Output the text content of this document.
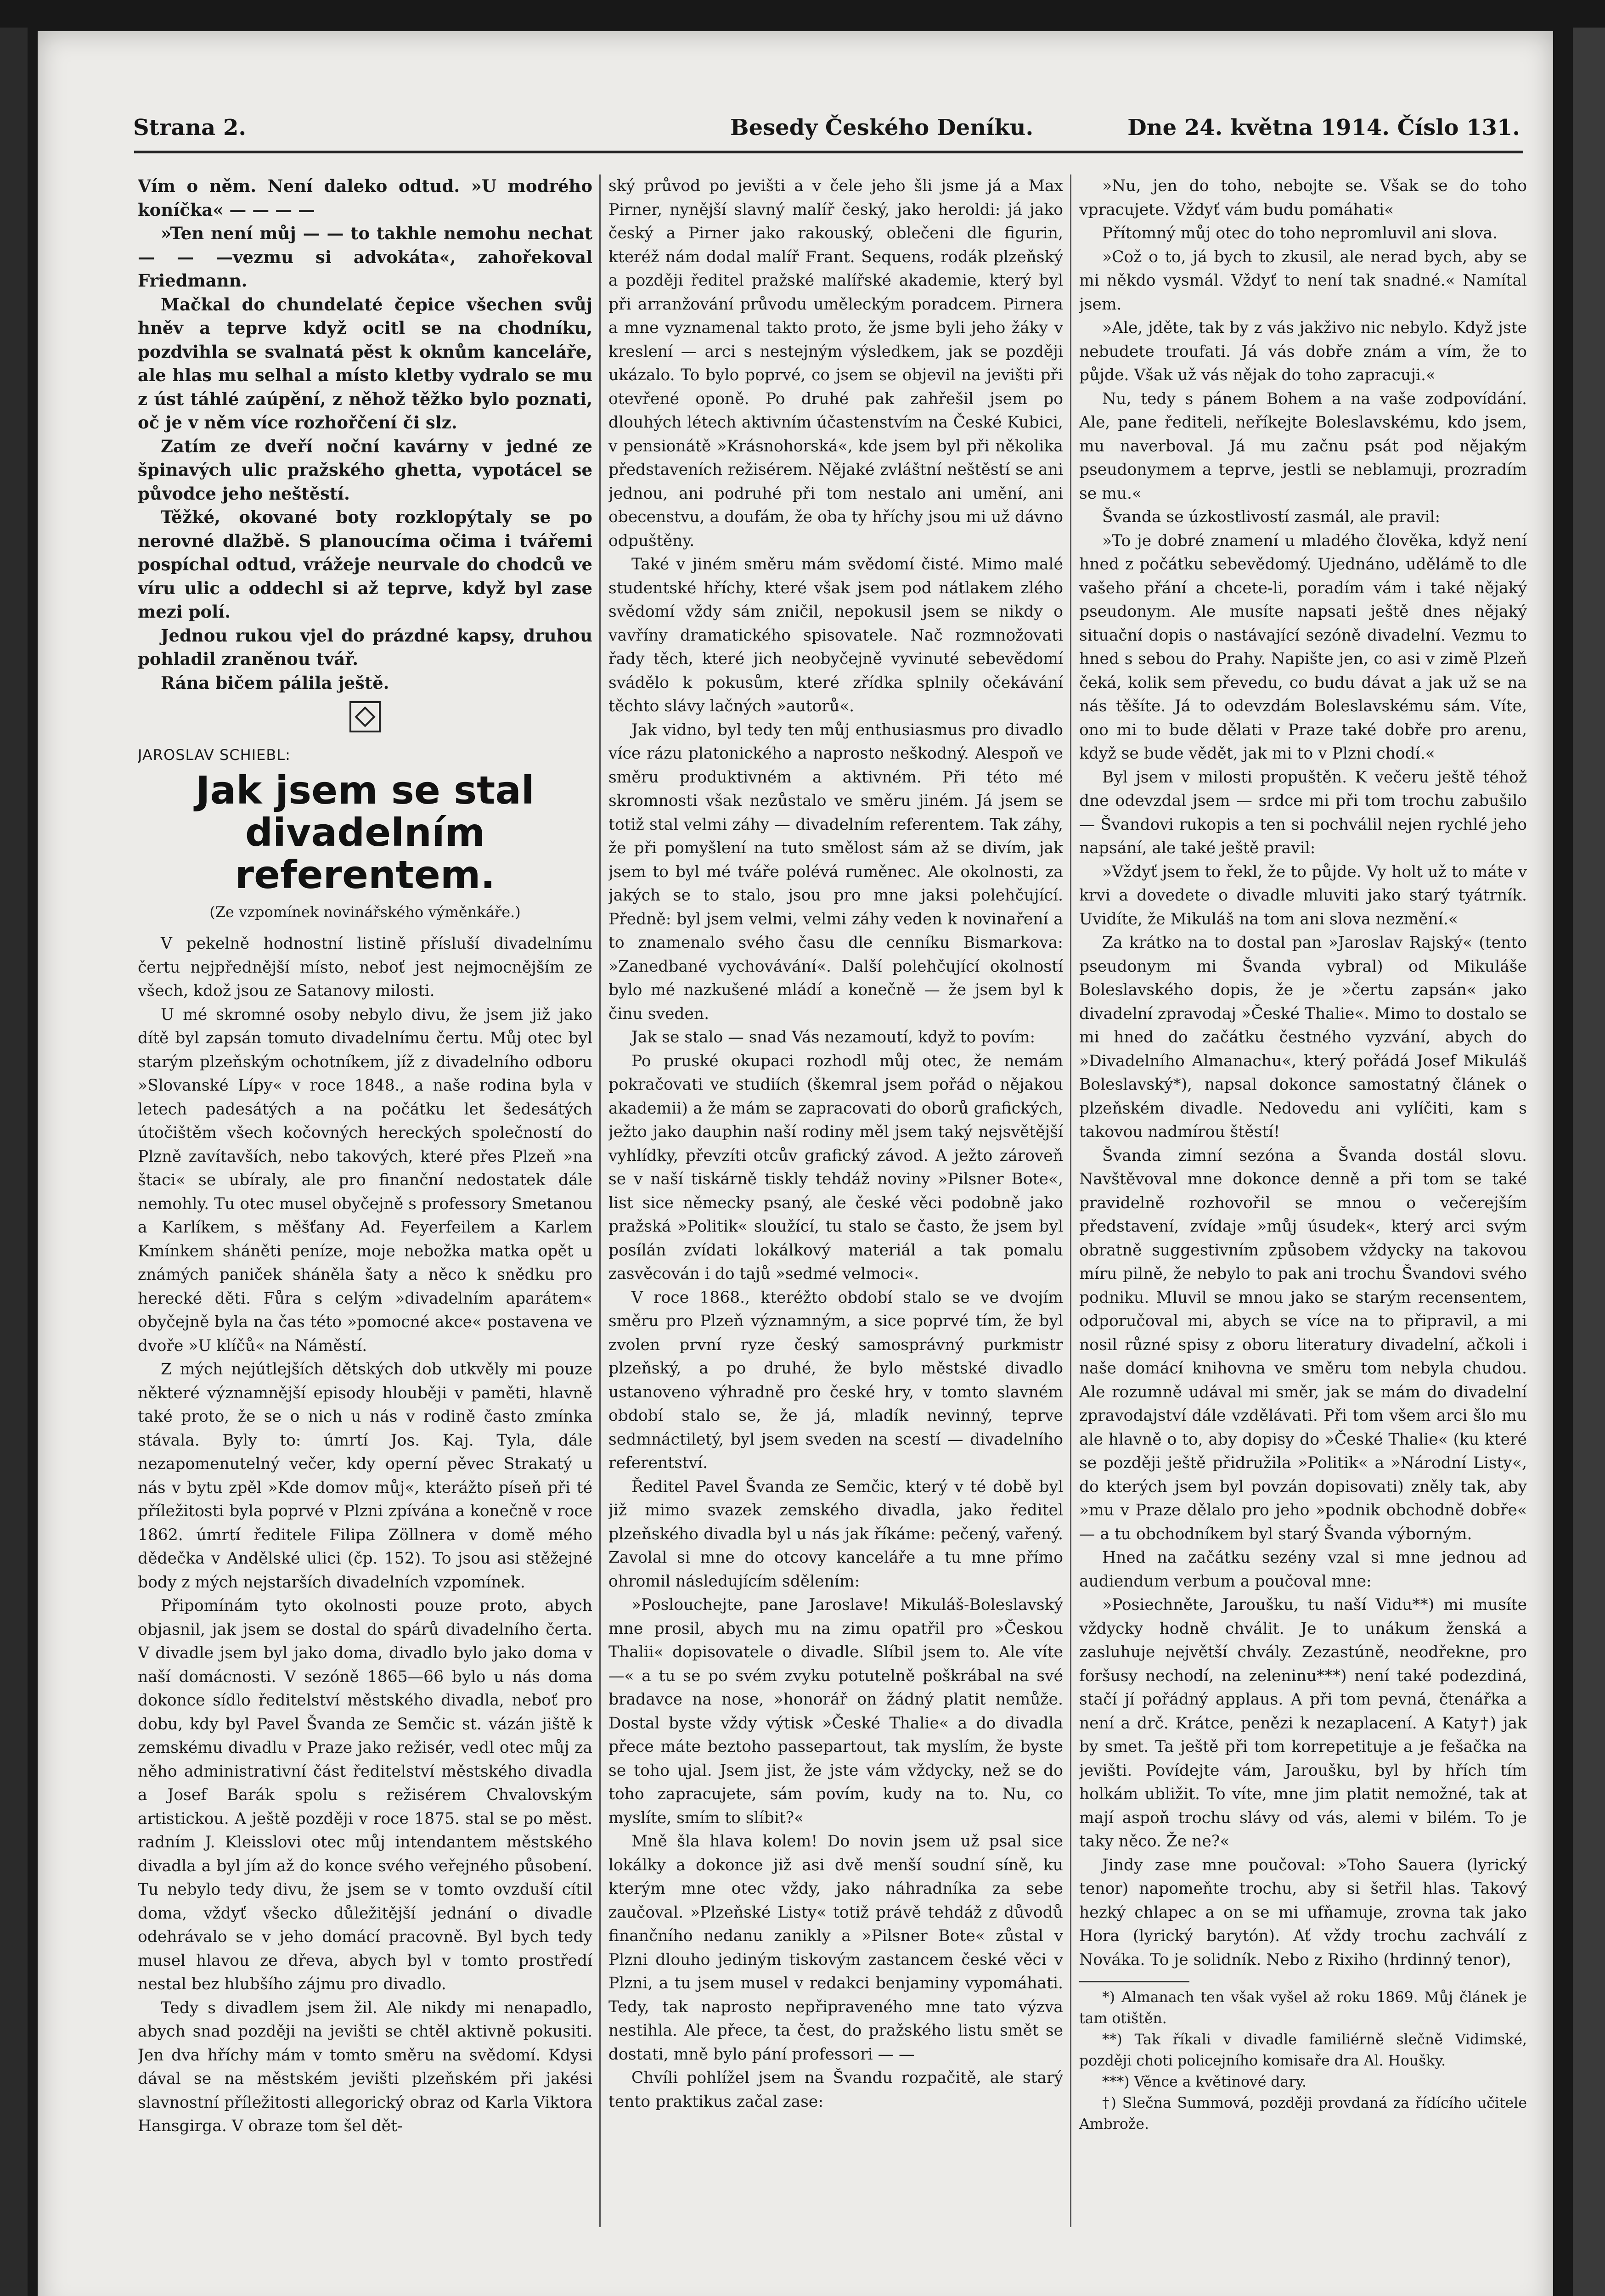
Strana 2.	Besedy Českého Deníku.	Dne 24. května 1914. Číslo 131.

Vím o něm. Není daleko odtud. »U modrého koníčka« — — — —

»Ten není můj — — to takhle nemohu nechat — — —vezmu si advokáta«, zahořekoval Friedmann.

Mačkal do chundelaté čepice všechen svůj hněv a teprve když ocitl se na chodníku, pozdvihla se svalnatá pěst k oknům kanceláře, ale hlas mu selhal a místo kletby vydralo se mu z úst táhlé zaúpění, z něhož těžko bylo poznati, oč je v něm více rozhořčení či slz.

Zatím ze dveří noční kavárny v jedné ze špinavých ulic pražského ghetta, vypotácel se původce jeho neštěstí.

Těžké, okované boty rozklopýtaly se po nerovné dlažbě. S planoucíma očima i tvářemi pospíchal odtud, vrážeje neurvale do chodců ve víru ulic a oddechl si až teprve, když byl zase mezi polí.

Jednou rukou vjel do prázdné kapsy, druhou pohladil zraněnou tvář.

Rána bičem pálila ještě.

JAROSLAV SCHIEBL:
Jak jsem se stal divadelním referentem.
(Ze vzpomínek novinářského výměnkáře.)

V pekelně hodnostní listině přísluší divadelnímu čertu nejpřednější místo, neboť jest nejmocnějším ze všech, kdož jsou ze Satanovy milosti.

U mé skromné osoby nebylo divu, že jsem již jako dítě byl zapsán tomuto divadelnímu čertu. Můj otec byl starým plzeňským ochotníkem, jíž z divadelního odboru »Slovanské Lípy« v roce 1848., a naše rodina byla v letech padesátých a na počátku let šedesátých útočištěm všech kočovných hereckých společností do Plzně zavítavších, nebo takových, které přes Plzeň »na štaci« se ubíraly, ale pro finanční nedostatek dále nemohly. Tu otec musel obyčejně s professory Smetanou a Karlíkem, s měšťany Ad. Feyerfeilem a Karlem Kmínkem sháněti peníze, moje nebožka matka opět u známých paniček sháněla šaty a něco k snědku pro herecké děti. Fůra s celým »divadelním aparátem« obyčejně byla na čas této »pomocné akce« postavena ve dvoře »U klíčů« na Náměstí.

Z mých nejútlejších dětských dob utkvěly mi pouze některé významnější episody hlouběji v paměti, hlavně také proto, že se o nich u nás v rodině často zmínka stávala. Byly to: úmrtí Jos. Kaj. Tyla, dále nezapomenutelný večer, kdy operní pěvec Strakatý u nás v bytu zpěl »Kde domov můj«, kterážto píseň při té příležitosti byla poprvé v Plzni zpívána a konečně v roce 1862. úmrtí ředitele Filipa Zöllnera v domě mého dědečka v Andělské ulici (čp. 152). To jsou asi stěžejné body z mých nejstarších divadelních vzpomínek.

Připomínám tyto okolnosti pouze proto, abych objasnil, jak jsem se dostal do spárů divadelního čerta. V divadle jsem byl jako doma, divadlo bylo jako doma v naší domácnosti. V sezóně 1865—66 bylo u nás doma dokonce sídlo ředitelství městského divadla, neboť pro dobu, kdy byl Pavel Švanda ze Semčic st. vázán jiště k zemskému divadlu v Praze jako režisér, vedl otec můj za něho administrativní část ředitelství městského divadla a Josef Barák spolu s režisérem Chvalovským artistickou. A ještě později v roce 1875. stal se po měst. radním J. Kleisslovi otec můj intendantem městského divadla a byl jím až do konce svého veřejného působení. Tu nebylo tedy divu, že jsem se v tomto ovzduší cítil doma, vždyť všecko důležitější jednání o divadle odehrávalo se v jeho domácí pracovně. Byl bych tedy musel hlavou ze dřeva, abych byl v tomto prostředí nestal bez hlubšího zájmu pro divadlo.

Tedy s divadlem jsem žil. Ale nikdy mi nenapadlo, abych snad později na jevišti se chtěl aktivně pokusiti. Jen dva hříchy mám v tomto směru na svědomí. Kdysi dával se na městském jevišti plzeňském při jakési slavnostní příležitosti allegorický obraz od Karla Viktora Hansgirga. V obraze tom šel dět-

ský průvod po jevišti a v čele jeho šli jsme já a Max Pirner, nynější slavný malíř český, jako heroldi: já jako český a Pirner jako rakouský, oblečeni dle figurin, kteréž nám dodal malíř Frant. Sequens, rodák plzeňský a později ředitel pražské malířské akademie, který byl při arranžování průvodu uměleckým poradcem. Pirnera a mne vyznamenal takto proto, že jsme byli jeho žáky v kreslení — arci s nestejným výsledkem, jak se později ukázalo. To bylo poprvé, co jsem se objevil na jevišti při otevřené oponě. Po druhé pak zahřešil jsem po dlouhých létech aktivním účastenstvím na České Kubici, v pensionátě »Krásnohorská«, kde jsem byl při několika představeních režisérem. Nějaké zvláštní neštěstí se ani jednou, ani podruhé při tom nestalo ani umění, ani obecenstvu, a doufám, že oba ty hříchy jsou mi už dávno odpuštěny.

Také v jiném směru mám svědomí čisté. Mimo malé studentské hříchy, které však jsem pod nátlakem zlého svědomí vždy sám zničil, nepokusil jsem se nikdy o vavříny dramatického spisovatele. Nač rozmnožovati řady těch, které jich neobyčejně vyvinuté sebevědomí svádělo k pokusům, které zřídka splnily očekávání těchto slávy lačných »autorů«.

Jak vidno, byl tedy ten můj enthusiasmus pro divadlo více rázu platonického a naprosto neškodný. Alespoň ve směru produktivném a aktivném. Při této mé skromnosti však nezůstalo ve směru jiném. Já jsem se totiž stal velmi záhy — divadelním referentem. Tak záhy, že při pomyšlení na tuto smělost sám až se divím, jak jsem to byl mé tváře polévá ruměnec. Ale okolnosti, za jakých se to stalo, jsou pro mne jaksi polehčující. Předně: byl jsem velmi, velmi záhy veden k novinaření a to znamenalo svého času dle cenníku Bismarkova: »Zanedbané vychovávání«. Další polehčující okolností bylo mé nazkušené mládí a konečně — že jsem byl k činu sveden.

Jak se stalo — snad Vás nezamoutí, když to povím:

Po pruské okupaci rozhodl můj otec, že nemám pokračovati ve studiích (škemral jsem pořád o nějakou akademii) a že mám se zapracovati do oborů grafických, ježto jako dauphin naší rodiny měl jsem taký nejsvětější vyhlídky, převzíti otcův grafický závod. A ježto zároveň se v naší tiskárně tiskly tehdáž noviny »Pilsner Bote«, list sice německy psaný, ale české věci podobně jako pražská »Politik« sloužící, tu stalo se často, že jsem byl posílán zvídati lokálkový materiál a tak pomalu zasvěcován i do tajů »sedmé velmoci«.

V roce 1868., kteréžto období stalo se ve dvojím směru pro Plzeň významným, a sice poprvé tím, že byl zvolen první ryze český samosprávný purkmistr plzeňský, a po druhé, že bylo městské divadlo ustanoveno výhradně pro české hry, v tomto slavném období stalo se, že já, mladík nevinný, teprve sedmnáctiletý, byl jsem sveden na scestí — divadelního referentství.

Ředitel Pavel Švanda ze Semčic, který v té době byl již mimo svazek zemského divadla, jako ředitel plzeňského divadla byl u nás jak říkáme: pečený, vařený. Zavolal si mne do otcovy kanceláře a tu mne přímo ohromil následujícím sdělením:

»Poslouchejte, pane Jaroslave! Mikuláš-Boleslavský mne prosil, abych mu na zimu opatřil pro »Českou Thalii« dopisovatele o divadle. Slíbil jsem to. Ale víte —« a tu se po svém zvyku potutelně poškrábal na své bradavce na nose, »honorář on žádný platit nemůže. Dostal byste vždy výtisk »České Thalie« a do divadla přece máte beztoho passepartout, tak myslím, že byste se toho ujal. Jsem jist, že jste vám vždycky, než se do toho zapracujete, sám povím, kudy na to. Nu, co myslíte, smím to slíbit?«

Mně šla hlava kolem! Do novin jsem už psal sice lokálky a dokonce již asi dvě menší soudní síně, ku kterým mne otec vždy, jako náhradníka za sebe zaučoval. »Plzeňské Listy« totiž právě tehdáž z důvodů finančního nedanu zanikly a »Pilsner Bote« zůstal v Plzni dlouho jediným tiskovým zastancem české věci v Plzni, a tu jsem musel v redakci benjaminy vypomáhati. Tedy, tak naprosto nepřipraveného mne tato výzva nestihla. Ale přece, ta čest, do pražského listu smět se dostati, mně bylo pání professori — —

Chvíli pohlížel jsem na Švandu rozpačitě, ale starý tento praktikus začal zase:

»Nu, jen do toho, nebojte se. Však se do toho vpracujete. Vždyť vám budu pomáhati«

Přítomný můj otec do toho nepromluvil ani slova.

»Což o to, já bych to zkusil, ale nerad bych, aby se mi někdo vysmál. Vždyť to není tak snadné.« Namítal jsem.

»Ale, jděte, tak by z vás jakživo nic nebylo. Když jste nebudete troufati. Já vás dobře znám a vím, že to půjde. Však už vás nějak do toho zapracuji.«

Nu, tedy s pánem Bohem a na vaše zodpovídání. Ale, pane řediteli, neříkejte Boleslavskému, kdo jsem, mu naverboval. Já mu začnu psát pod nějakým pseudonymem a teprve, jestli se neblamuji, prozradím se mu.«

Švanda se úzkostlivostí zasmál, ale pravil:

»To je dobré znamení u mladého člověka, když není hned z počátku sebevědomý. Ujednáno, udělámě to dle vašeho přání a chcete-li, poradím vám i také nějaký pseudonym. Ale musíte napsati ještě dnes nějaký situační dopis o nastávající sezóně divadelní. Vezmu to hned s sebou do Prahy. Napište jen, co asi v zimě Plzeň čeká, kolik sem převedu, co budu dávat a jak už se na nás těšíte. Já to odevzdám Boleslavskému sám. Víte, ono mi to bude dělati v Praze také dobře pro arenu, když se bude vědět, jak mi to v Plzni chodí.«

Byl jsem v milosti propuštěn. K večeru ještě téhož dne odevzdal jsem — srdce mi při tom trochu zabušilo — Švandovi rukopis a ten si pochválil nejen rychlé jeho napsání, ale také ještě pravil:

»Vždyť jsem to řekl, že to půjde. Vy holt už to máte v krvi a dovedete o divadle mluviti jako starý tyátrník. Uvidíte, že Mikuláš na tom ani slova nezmění.«

Za krátko na to dostal pan »Jaroslav Rajský« (tento pseudonym mi Švanda vybral) od Mikuláše Boleslavského dopis, že je »čertu zapsán« jako divadelní zpravodaj »České Thalie«. Mimo to dostalo se mi hned do začátku čestného vyzvání, abych do »Divadelního Almanachu«, který pořádá Josef Mikuláš Boleslavský*), napsal dokonce samostatný článek o plzeňském divadle. Nedovedu ani vylíčiti, kam s takovou nadmírou štěstí!

Švanda zimní sezóna a Švanda dostál slovu. Navštěvoval mne dokonce denně a při tom se také pravidelně rozhovořil se mnou o večerejším představení, zvídaje »můj úsudek«, který arci svým obratně suggestivním způsobem vždycky na takovou míru pilně, že nebylo to pak ani trochu Švandovi svého podniku. Mluvil se mnou jako se starým recensentem, odporučoval mi, abych se více na to připravil, a mi nosil různé spisy z oboru literatury divadelní, ačkoli i naše domácí knihovna ve směru tom nebyla chudou. Ale rozumně udával mi směr, jak se mám do divadelní zpravodajství dále vzdělávati. Při tom všem arci šlo mu ale hlavně o to, aby dopisy do »České Thalie« (ku které se později ještě přidružila »Politik« a »Národní Listy«, do kterých jsem byl povzán dopisovati) zněly tak, aby »mu v Praze dělalo pro jeho »podnik obchodně dobře« — a tu obchodníkem byl starý Švanda výborným.

Hned na začátku sezény vzal si mne jednou ad audiendum verbum a poučoval mne:

»Posiechněte, Jaroušku, tu naší Vidu**) mi musíte vždycky hodně chválit. Je to unákum ženská a zasluhuje největší chvály. Zezastúně, neodřekne, pro foršusy nechodí, na zeleninu***) není také podezdiná, stačí jí pořádný applaus. A při tom pevná, čtenářka a není a drč. Krátce, penězi k nezaplacení. A Katy†) jak by smet. Ta ještě při tom korrepetituje a je fešačka na jevišti. Povídejte vám, Jaroušku, byl by hřích tím holkám ubližit. To víte, mne jim platit nemožné, tak at mají aspoň trochu slávy od vás, alemi v bilém. To je taky něco. Že ne?«

Jindy zase mne poučoval: »Toho Sauera (lyrický tenor) napomeňte trochu, aby si šetřil hlas. Takový hezký chlapec a on se mi ufňamuje, zrovna tak jako Hora (lyrický barytón). Ať vždy trochu zachválí z Nováka. To je solidník. Nebo z Rixiho (hrdinný tenor),

*) Almanach ten však vyšel až roku 1869. Můj článek je tam otištěn.

**) Tak říkali v divadle familiérně slečně Vidimské, později choti policejního komisaře dra Al. Houšky.

***) Věnce a květinové dary.

†) Slečna Summová, později provdaná za řídícího učitele Ambrože.
